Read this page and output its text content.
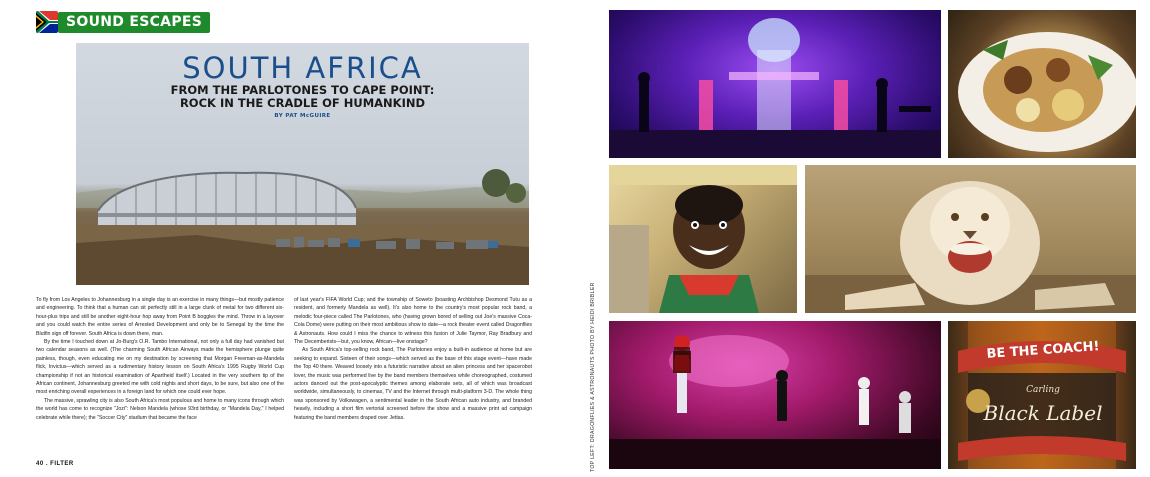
SOUND ESCAPES
SOUTH AFRICA
FROM THE PARLOTONES TO CAPE POINT:
ROCK IN THE CRADLE OF HUMANKIND
BY PAT McGUIRE

To fly from Los Angeles to Johannesburg in a single day is an exercise in many things—but mostly patience and engineering. To think that a human can sit perfectly still in a large clunk of metal for two different six-hour-plus trips and still be another eight-hour hop away from Point B boggles the mind. Throw in a layover and you could watch the entire series of Arrested Development and only be to Senegal by the time the Blutfin sign off forever. South Africa is down there, man.

By the time I touched down at Jo-Burg's O.R. Tambo International, not only a full day had vanished but two calendar seasons as well. (The charming South African Airways made the hemisphere plunge quite painless, though, even educating me on my destination by screening that Morgan Freeman-as-Mandela flick, Invictus—which served as a rudimentary history lesson on South Africa's 1995 Rugby World Cup championship if not an historical examination of Apartheid itself.) Located in the very southern tip of the African continent, Johannesburg greeted me with cold nights and short days, to be sure, but also one of the most enriching overall experiences in a foreign land for which one could ever hope.

The massive, sprawling city is also South Africa's most populous and home to many icons through which the world has come to recognize "Jozi": Nelson Mandela (whose 93rd birthday, or "Mandela Day," I helped celebrate while there); the "Soccer City" stadium that became the face

of last year's FIFA World Cup; and the township of Soweto (boasting Archbishop Desmond Tutu as a resident, and formerly Mandela as well). It's also home to the country's most popular rock band, a melodic four-piece called The Parlotones, who (having grown bored of selling out Joe's massive Coca-Cola Dome) were putting on their most ambitious show to date—a rock theater event called Dragonflies & Astronauts. How could I miss the chance to witness this fusion of Julie Taymor, Ray Bradbury and The Decemberists—but, you know, African—live onstage?

As South Africa's top-selling rock band, The Parlotones enjoy a built-in audience at home but are seeking to expand. Sixteen of their songs—which served as the base of this stage event—have made the Top 40 there. Weaved loosely into a futuristic narrative about an alien princess and her spacerobot lover, the music was performed live by the band members themselves while choreographed, costumed actors danced out the post-apocalyptic themes among elaborate sets, all of which was broadcast worldwide, simultaneously, to cinemas, TV and the Internet through multi-platform 3-D. The whole thing was sponsored by Volkswagen, a sentimental leader in the South African auto industry, and branded heavily, including a short film vertorial screened before the show and a massive print ad campaign featuring the band members draped over Jettas.

40 . FILTER	TOP LEFT: DRAGONFLIES & ASTRONAUTS PHOTO BY HEIDI BRIBLER	BE THE COACH!
Carling
Black Label
